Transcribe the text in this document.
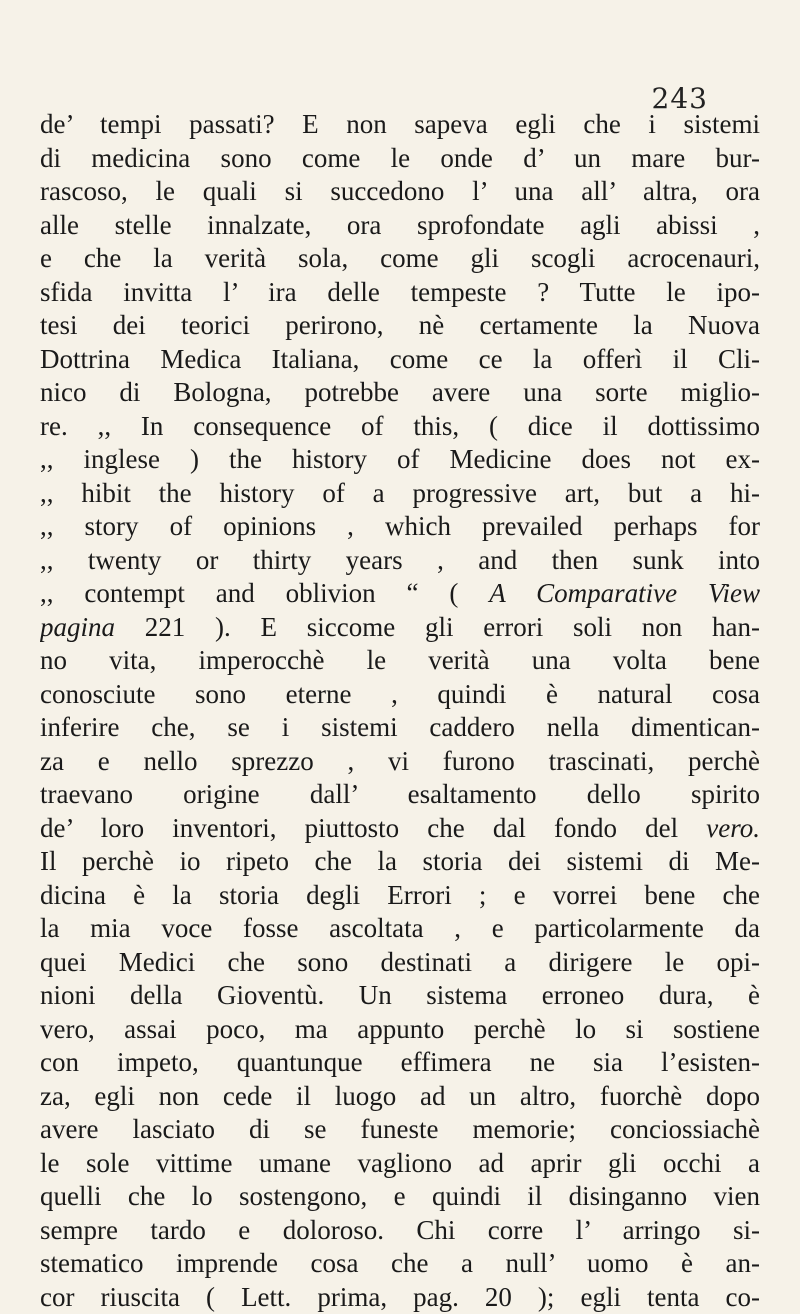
243
de’ tempi passati? E non sapeva egli che i sistemi
di medicina sono come le onde d’ un mare bur-
rascoso, le quali si succedono l’ una all’ altra, ora
alle stelle innalzate, ora sprofondate agli abissi ,
e che la verità sola, come gli scogli acrocenauri,
sfida invitta l’ ira delle tempeste ? Tutte le ipo-
tesi dei teorici perirono, nè certamente la Nuova
Dottrina Medica Italiana, come ce la offerì il Cli-
nico di Bologna, potrebbe avere una sorte miglio-
re. ,, In consequence of this, ( dice il dottissimo
,, inglese ) the history of Medicine does not ex-
,, hibit the history of a progressive art, but a hi-
,, story of opinions , which prevailed perhaps for
,, twenty or thirty years , and then sunk into
,, contempt and oblivion “ ( A Comparative View
pagina 221 ). E siccome gli errori soli non han-
no vita, imperocchè le verità una volta bene
conosciute sono eterne , quindi è natural cosa
inferire che, se i sistemi caddero nella dimentican-
za e nello sprezzo , vi furono trascinati, perchè
traevano origine dall’ esaltamento dello spirito
de’ loro inventori, piuttosto che dal fondo del vero.
Il perchè io ripeto che la storia dei sistemi di Me-
dicina è la storia degli Errori ; e vorrei bene che
la mia voce fosse ascoltata , e particolarmente da
quei Medici che sono destinati a dirigere le opi-
nioni della Gioventù. Un sistema erroneo dura, è
vero, assai poco, ma appunto perchè lo si sostiene
con impeto, quantunque effimera ne sia l’esisten-
za, egli non cede il luogo ad un altro, fuorchè dopo
avere lasciato di se funeste memorie; conciossiachè
le sole vittime umane vagliono ad aprir gli occhi a
quelli che lo sostengono, e quindi il disinganno vien
sempre tardo e doloroso. Chi corre l’ arringo si-
stematico imprende cosa che a null’ uomo è an-
cor riuscita ( Lett. prima, pag. 20 ); egli tenta co-
